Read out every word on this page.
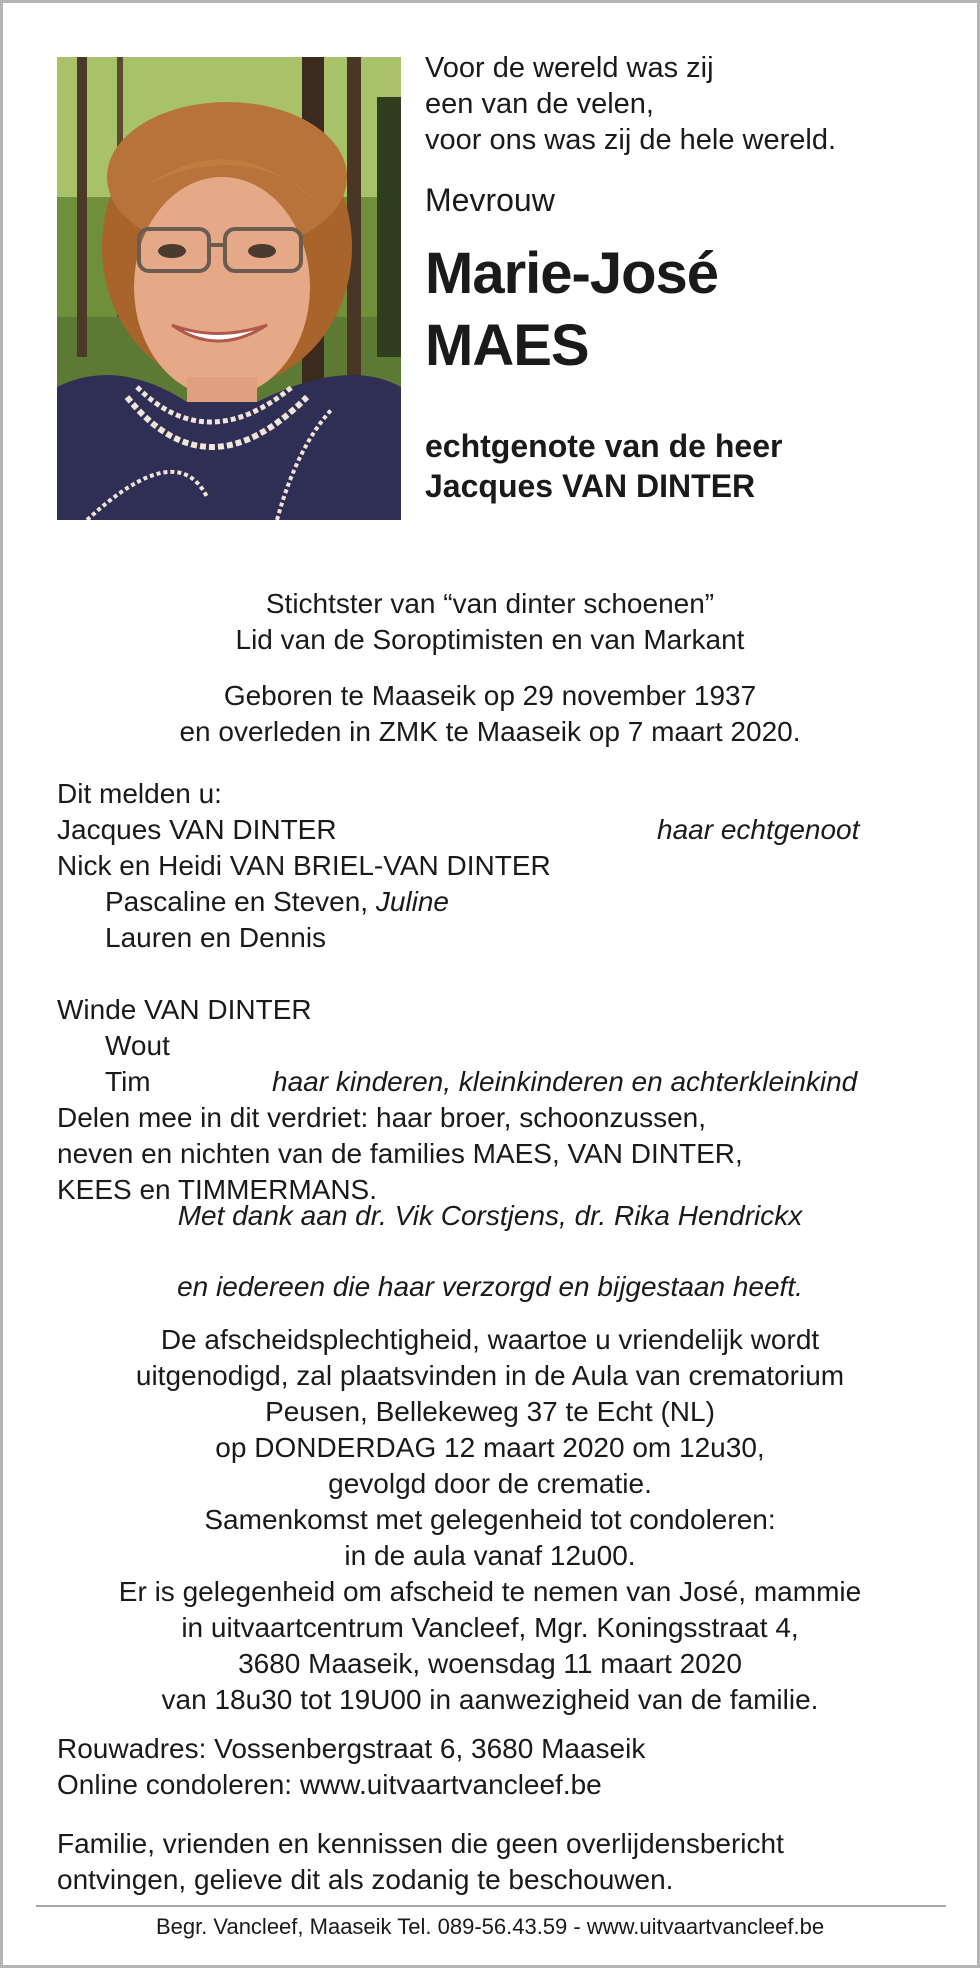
Voor de wereld was zij
een van de velen,
voor ons was zij de hele wereld.
Mevrouw
Marie-José
MAES
echtgenote van de heer
Jacques VAN DINTER
Stichtster van “van dinter schoenen”
Lid van de Soroptimisten en van Markant
Geboren te Maaseik op 29 november 1937
en overleden in ZMK te Maaseik op 7 maart 2020.
Dit melden u:
Jacques VAN DINTER	haar echtgenoot
Nick en Heidi VAN BRIEL-VAN DINTER
Pascaline en Steven, Juline
Lauren en Dennis
Winde VAN DINTER
Wout
Tim	haar kinderen, kleinkinderen en achterkleinkind
Delen mee in dit verdriet: haar broer, schoonzussen,
neven en nichten van de families MAES, VAN DINTER,
KEES en TIMMERMANS.
Met dank aan dr. Vik Corstjens, dr. Rika Hendrickx
en iedereen die haar verzorgd en bijgestaan heeft.
De afscheidsplechtigheid, waartoe u vriendelijk wordt
uitgenodigd, zal plaatsvinden in de Aula van crematorium
Peusen, Bellekeweg 37 te Echt (NL)
op DONDERDAG 12 maart 2020 om 12u30,
gevolgd door de crematie.
Samenkomst met gelegenheid tot condoleren:
in de aula vanaf 12u00.
Er is gelegenheid om afscheid te nemen van José, mammie
in uitvaartcentrum Vancleef, Mgr. Koningsstraat 4,
3680 Maaseik, woensdag 11 maart 2020
van 18u30 tot 19U00 in aanwezigheid van de familie.
Rouwadres: Vossenbergstraat 6, 3680 Maaseik
Online condoleren: www.uitvaartvancleef.be
Familie, vrienden en kennissen die geen overlijdensbericht
ontvingen, gelieve dit als zodanig te beschouwen.
Begr. Vancleef, Maaseik Tel. 089-56.43.59 - www.uitvaartvancleef.be
